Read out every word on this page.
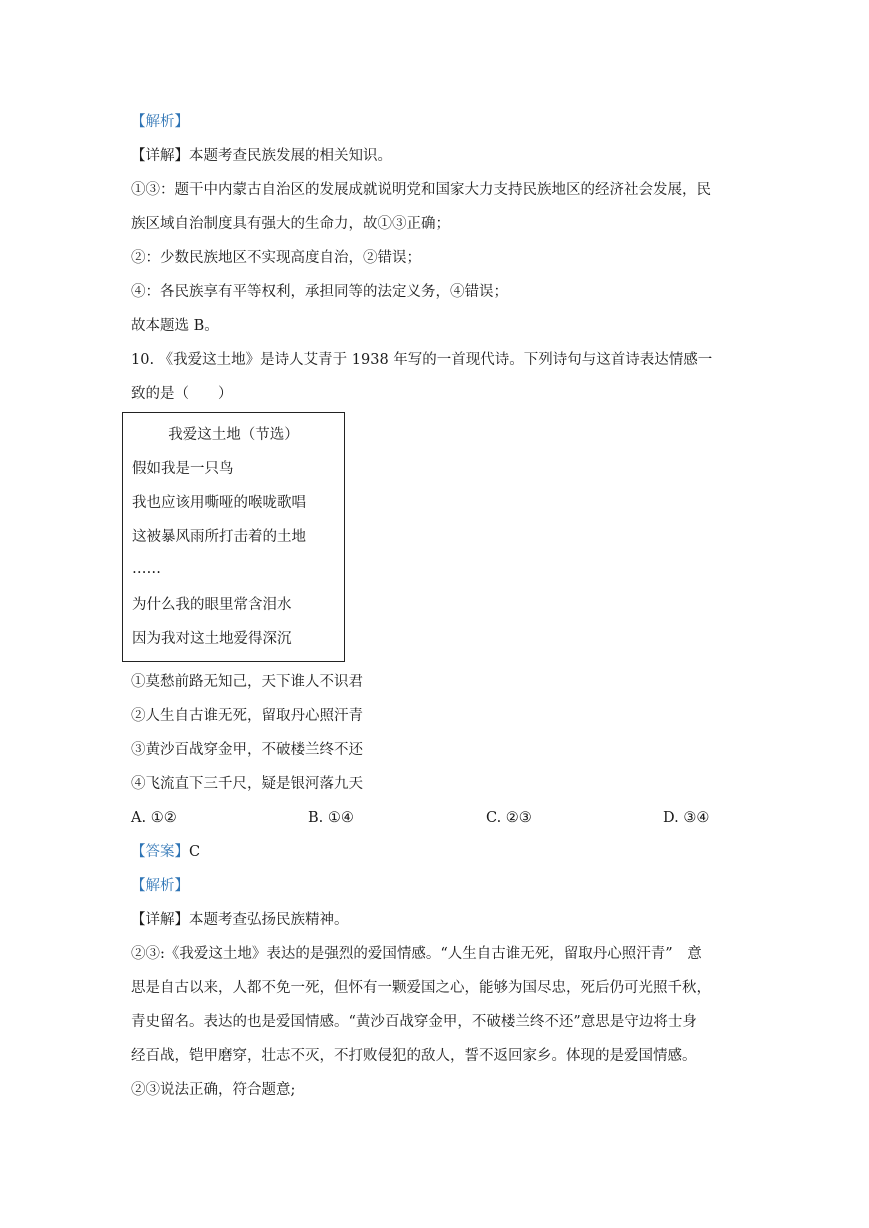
【解析】
【详解】本题考查民族发展的相关知识。
①③：题干中内蒙古自治区的发展成就说明党和国家大力支持民族地区的经济社会发展，民
族区域自治制度具有强大的生命力，故①③正确；
②：少数民族地区不实现高度自治，②错误；
④：各民族享有平等权利，承担同等的法定义务，④错误；
故本题选 B。
10. 《我爱这土地》是诗人艾青于 1938 年写的一首现代诗。下列诗句与这首诗表达情感一
致的是（　　）
我爱这土地（节选）
假如我是一只鸟
我也应该用嘶哑的喉咙歌唱
这被暴风雨所打击着的土地
……
为什么我的眼里常含泪水
因为我对这土地爱得深沉
①莫愁前路无知己，天下谁人不识君
②人生自古谁无死，留取丹心照汗青
③黄沙百战穿金甲，不破楼兰终不还
④飞流直下三千尺，疑是银河落九天
A. ①②	B. ①④	C. ②③	D. ③④
【答案】C
【解析】
【详解】本题考查弘扬民族精神。
②③:《我爱这土地》表达的是强烈的爱国情感。“人生自古谁无死，留取丹心照汗青”　意
思是自古以来，人都不免一死，但怀有一颗爱国之心，能够为国尽忠，死后仍可光照千秋，
青史留名。表达的也是爱国情感。“黄沙百战穿金甲，不破楼兰终不还”意思是守边将士身
经百战，铠甲磨穿，壮志不灭，不打败侵犯的敌人，誓不返回家乡。体现的是爱国情感。
②③说法正确，符合题意;
